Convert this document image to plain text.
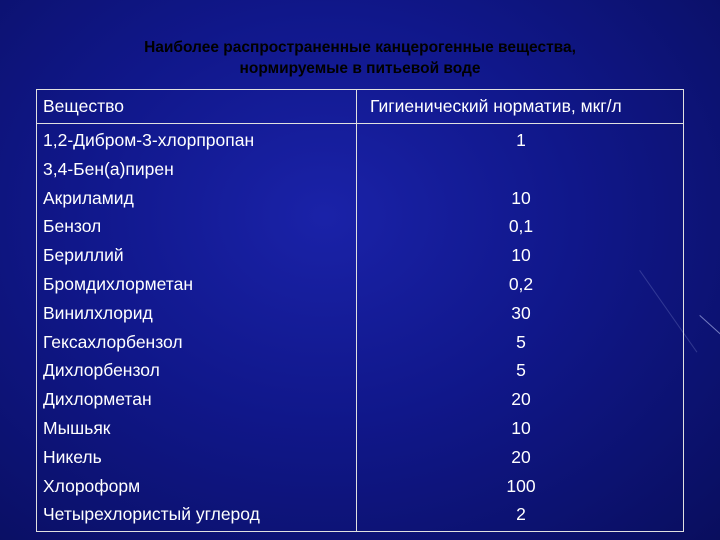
Наиболее распространенные канцерогенные вещества,
нормируемые в питьевой воде
Вещество	Гигиенический норматив, мкг/л
1,2-Дибром-3-хлорпропан	1
3,4-Бен(а)пирен
Акриламид	10
Бензол	0,1
Бериллий	10
Бромдихлорметан	0,2
Винилхлорид	30
Гексахлорбензол	5
Дихлорбензол	5
Дихлорметан	20
Мышьяк	10
Никель	20
Хлороформ	100
Четырехлористый углерод	2
